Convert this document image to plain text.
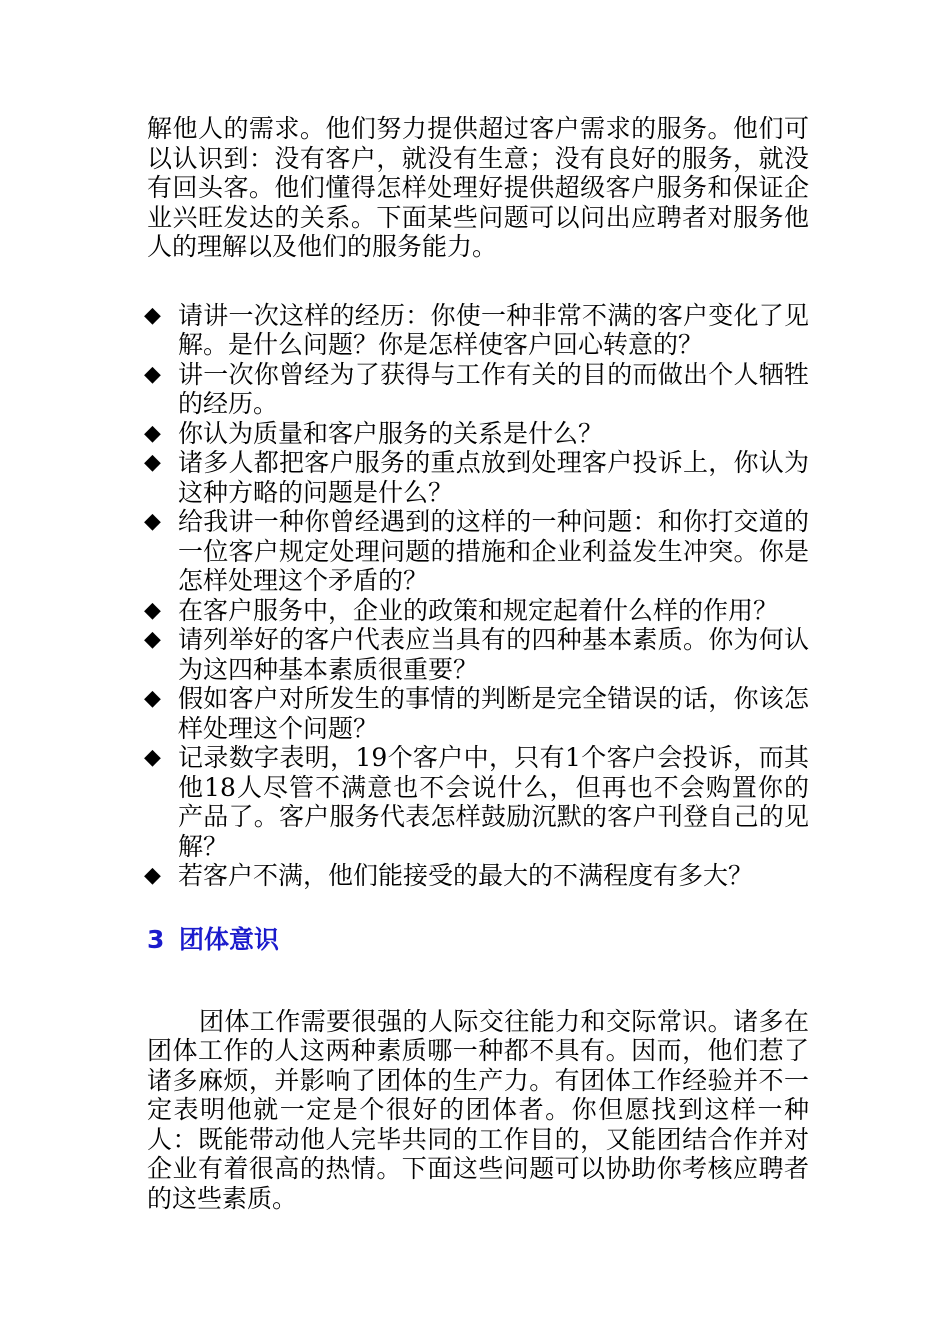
解他人的需求。他们努力提供超过客户需求的服务。他们可以认识到：没有客户，就没有生意；没有良好的服务，就没有回头客。他们懂得怎样处理好提供超级客户服务和保证企业兴旺发达的关系。下面某些问题可以问出应聘者对服务他人的理解以及他们的服务能力。

◆ 请讲一次这样的经历：你使一种非常不满的客户变化了见解。是什么问题？你是怎样使客户回心转意的？
◆ 讲一次你曾经为了获得与工作有关的目的而做出个人牺牲的经历。
◆ 你认为质量和客户服务的关系是什么？
◆ 诸多人都把客户服务的重点放到处理客户投诉上，你认为这种方略的问题是什么？
◆ 给我讲一种你曾经遇到的这样的一种问题：和你打交道的一位客户规定处理问题的措施和企业利益发生冲突。你是怎样处理这个矛盾的？
◆ 在客户服务中，企业的政策和规定起着什么样的作用？
◆ 请列举好的客户代表应当具有的四种基本素质。你为何认为这四种基本素质很重要？
◆ 假如客户对所发生的事情的判断是完全错误的话，你该怎样处理这个问题？
◆ 记录数字表明，19个客户中，只有1个客户会投诉，而其他18人尽管不满意也不会说什么，但再也不会购置你的产品了。客户服务代表怎样鼓励沉默的客户刊登自己的见解？
◆ 若客户不满，他们能接受的最大的不满程度有多大？
3 团体意识

团体工作需要很强的人际交往能力和交际常识。诸多在团体工作的人这两种素质哪一种都不具有。因而，他们惹了诸多麻烦，并影响了团体的生产力。有团体工作经验并不一定表明他就一定是个很好的团体者。你但愿找到这样一种人：既能带动他人完毕共同的工作目的，又能团结合作并对企业有着很高的热情。下面这些问题可以协助你考核应聘者的这些素质。
